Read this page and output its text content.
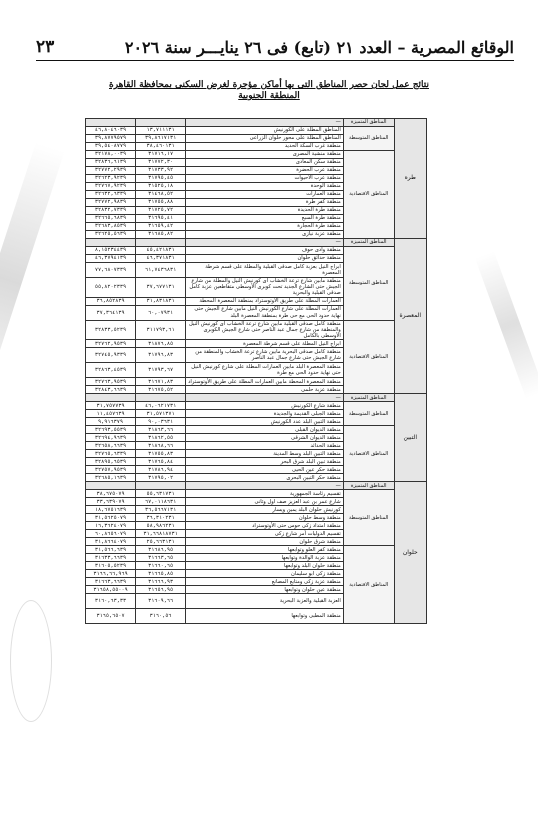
٢٣	الوقائع المصرية – العدد ٢١ (تابع) فى ٢٦ ينايـــر سنة ٢٠٢٦
نتائج عمل لجان حصر المناطق التى بها أماكن مؤجرة لغرض السكنى بمحافظة القاهرة
المنطقة الجنوبية
طره	المناطق المتميزة	—		
	المناطق المتوسطة	المناطق المطلة على الكورنيش	١٣,٧١١١٣١	٤٦,٨٠٤٦٠٣٩
		المناطق المطلة على محور حلوان الزراعى	٣٩,٨٦١٧١٣١	٣٩,٨٧٧٩٥٧٩
		منطقة غرب السكة الحديد	٣٨,٤٦٠١٣١	٣٩,٥٤٠٨٧٧٩
	المناطق الاقتصادية	منطقة منشية المصرى	٣١٧١٦,١٧	٣٢١٧٨,٠٠٣٩
		منطقة سكن المعادى	٣١٧٧٢,٣٠	٣٢٨٣٦,٦١٣٩
		منطقة عرب الحضرة	٣١٧٣٣,٩٢	٣٢٧٧٢,٢٩٣٩
		منطقة عرب الأحيوات	٣١٧٩٥,٤٥	٣٢٦٢٣,٩٢٣٩
		منطقة الوحدة	٣١٥٢٥,١٨	٣٢٧٦٧,٩٢٣٩
		منطقة العمارات	٣١٤٦٨,٥٢	٣٢٦٣٢,٦٣٣٩
		منطقة كفر طرة	٣١٧٥٥,٨٨	٣٢٧٧٢,٩٨٣٩
		منطقة طرة الحديدة	٣١٧٢٥,٧٢	٣٢٨٣٢,٧٣٣٩
		منطقة طرة السبع	٣١٦٩٥,٤١	٣٢٦٦٥,٦٨٣٩
		منطقة طرة الحجارة	٣١٦٥٩,٤٢	٣٢٦٨٣,٨٥٣٩
		منطقة عزبة نيازى	٣١٦٨٥,٨٢	٣٢٦٢٥,٥٦٣٩
المعصرة	المناطق المتميزة	—		
	المناطق المتوسطة	منطقة وادى حوف	٤٥,٤٢١٨٣١	٨,١٥٢٣٤٤٣٩
		منطقة حدائق حلوان	٤٦,٣٧١٨٣١	٤٦,٣٧٩٤١٣٩
		ابراج النيل بعزبة كامل صدقى القبلية والمطلة على قسم شرطة المعصرة	٦١,٧٤٣٦٨٣١	٧٧,٦٨٠٧٣٣٩
		منطقة مابين شارع ترعة الخشاب أى كورنيش النيل والمطلة من شارع الجيش حتى الشارع الجديد تحت كوبرى الأوسطى متقاطعين عزبة كامل صدقى القبلية والبحرية	٣٧,٦٧٧١٣١	٥٥,٨٢٠٢٣٣٩
		العمارات المطلة على طريق الأوتوستراد بمنطقة المعصرة المحطة	٣١,٨٣١٨٣١	٣٦,٨٥٢٨٣٩
		العمارات المطلة على شارع الكورنيش النيل مابين شارع الجيش حتى نهاية حدود الحى مع حى طرة بمنطقة المعصرة البلد	٦٠,٠٧٩٣١	٣٧,٣٦٤١٣٩
	المناطق الاقتصادية	منطقة كامل صدقى القبلية مابين شارع ترعة الخشاب أى كورنيش النيل والمنطقة من شارع جمال عبد الناصر حتى شارع الجيش الكوبرى الأوسطى بالكامل	٣١١٧٩٣,٦١	٣٢٨٣٣,٥٢٣٩
		ابراج النيل المطلة على قسم شرطة المعصرة	٣١٨٧٦,٨٥	٣٢٧٦٢,٩٥٣٩
		منطقة كامل صدقى البحرية مابين شارع ترعة الخشاب والمنطقة من شارع الجيش حتى شارع جمال عبد الناصر	٣١٧٩٦,٨٣	٣٢٧٤٥,٩٣٣٩
		منطقة المعصرة البلد مابين العمارات المطلة على شارع كورنيش النيل حتى نهاية حدود الحى مع طرة	٣١٧٩٣,٦٧	٣٢٨٦٣,٤٥٣٩
		منطقة المعصرة المحطة مابين العمارات المطلة على طريق الأوتوستراد	٣١٦٧١,٨٣	٣٢٧٦٣,٩٥٣٩
		منطقة عزبة حلمى	٣١٦٧٥,٥٢	٣٢٨٤٣,٦٦٣٩
التبين	المناطق المتميزة	—		
	المناطق المتوسطة	منطقة شارع الكورنيش	٤٦,٠٦٢١٧٣١	٣١,٧٥٧٧٣٩
		منطقة الجبلى القديمة والجديدة	٣١,٥٧١٣٧١	١١,٤٥٧٦٣٩
		منطقة التبين البلد عدد الكورنيش	٩٠,٠٣٦٣١	٩,٩١٦٣٧٩
	المناطق الاقتصادية	منطقة الديوان القبلى	٣١٨٦٣,٦٦	٣٢٦٩٣,٥٥٣٩
		منطقة الديوان الشرقى	٣١٨٦٢,٥٥	٣٢٦٩٤,٩٦٣٩
		منطقة الحدائد	٣١٨٦٨,٦٦	٣٢٦٥٨,٦٦٣٩
		منطقة التبين البلد وسط المدينة	٣١٧٥٥,٨٣	٣٢٧٦٥,٦٣٣٩
		منطقة تبين البلد شرق البحر	٣١٧٦٥,٨٤	٣٢٨٩٥,٦٥٣٩
		منطقة حكر عين الحيى	٣١٧٨٦,٩٤	٣٢٧٥٧,٩٥٣٩
		منطقة حكر التبين البحرى	٣١٧٩٥,٠٢	٣٢٦٨٥,١٦٣٩
حلوان	المناطق المتميزة	—		
	المناطق المتوسطة	تقسيم رئاسة الجمهورية	٥٥,٦٣١٧٣١	٣٨,٦٧٥٠٧٩
		شارع عمر بن عبد العزيز صف اول وثانى	٦٧,٠١١٨٦٣١	٣٣,٦٣٩٠٧٩
		كورنيش حلوان البلد يمين ويسار	٣٦,٥٦٦٧١٣١	١٨,٦٧٥١٦٣٩
		منطقة وسط حلوان	٣٦,٣١٠٢٣١	٣١,٥٦٢٥٠٧٩
		منطقة امتداد زكى حوس حتى الأوتوستراد	٥٨,٩٨٦٢٣١	١٦,٣٦٢٤٠٧٩
		تقسيم الدوليات أمر شارع زكى	٣١,٦٦٨١٨٧٣١	٦٠,٨٦٥٦٠٧٩
		منطقة شرق حلوان	٢٥,٦٦٣١٣١	٣١,٨٦٦٤٠٧٩
	المناطق الاقتصادية	منطقة كفر العلو وتوابعها	٣١٦٨٦,٩٥	٣١,٥٦٦,٦٣٩
		منطقة عزبة الوالدة وتوابعها	٣١٦٦٣,٦٥	٣١٦٣٣,٦٦٣٩
		منطقة حلوان البلد وتوابعها	٣١٦٦٠,٦٥	٣١٦٠٥,٥٢٣٩
		منطقة زكى ابو سليمان	٣١٦٦٥,٨٥	٣١٦٦,٦٦,٩٦٩
		منطقة عزبة زكى ومتابع المصانع	٣١٦٦٦,٩٣	٣١٦٦٣,٦٦٣٩
		منطقة عين حلوان وتوابعها	٣١٦٥٦,٩٥	٣١٦٥٨,٥٥٠٠٩
		العزبة القبلية والعزبة البحرية	٣١٦٠٩,٦٦	٣١٦٠,٦٣,٣٣
		منطقة المطبى وتوابعها	٣١٦٠,٥٦	٣١٦٥,٦٥٠٧
